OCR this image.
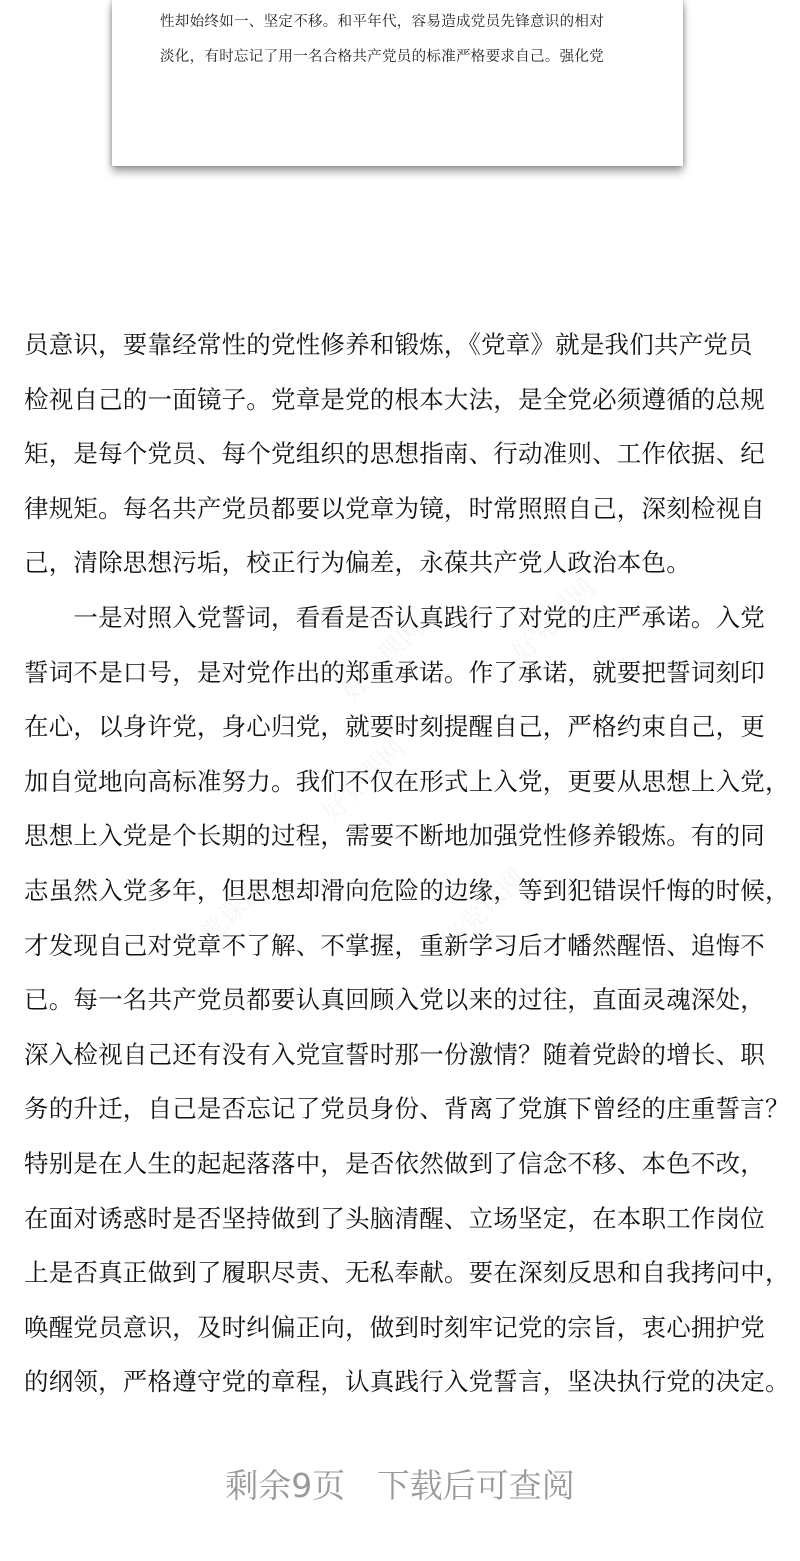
性却始终如一、坚定不移。和平年代，容易造成党员先锋意识的相对
淡化，有时忘记了用一名合格共产党员的标准严格要求自己。强化党
员意识，要靠经常性的党性修养和锻炼，《党章》就是我们共产党员
检视自己的一面镜子。党章是党的根本大法，是全党必须遵循的总规
矩，是每个党员、每个党组织的思想指南、行动准则、工作依据、纪
律规矩。每名共产党员都要以党章为镜，时常照照自己，深刻检视自
己，清除思想污垢，校正行为偏差，永葆共产党人政治本色。
　　一是对照入党誓词，看看是否认真践行了对党的庄严承诺。入党
誓词不是口号，是对党作出的郑重承诺。作了承诺，就要把誓词刻印
在心，以身许党，身心归党，就要时刻提醒自己，严格约束自己，更
加自觉地向高标准努力。我们不仅在形式上入党，更要从思想上入党，
思想上入党是个长期的过程，需要不断地加强党性修养锻炼。有的同
志虽然入党多年，但思想却滑向危险的边缘，等到犯错误忏悔的时候，
才发现自己对党章不了解、不掌握，重新学习后才幡然醒悟、追悔不
已。每一名共产党员都要认真回顾入党以来的过往，直面灵魂深处，
深入检视自己还有没有入党宣誓时那一份激情？随着党龄的增长、职
务的升迁，自己是否忘记了党员身份、背离了党旗下曾经的庄重誓言？
特别是在人生的起起落落中，是否依然做到了信念不移、本色不改，
在面对诱惑时是否坚持做到了头脑清醒、立场坚定，在本职工作岗位
上是否真正做到了履职尽责、无私奉献。要在深刻反思和自我拷问中，
唤醒党员意识，及时纠偏正向，做到时刻牢记党的宗旨，衷心拥护党
的纲领，严格遵守党的章程，认真践行入党誓言，坚决执行党的决定。
剩余9页   下载后可查阅
